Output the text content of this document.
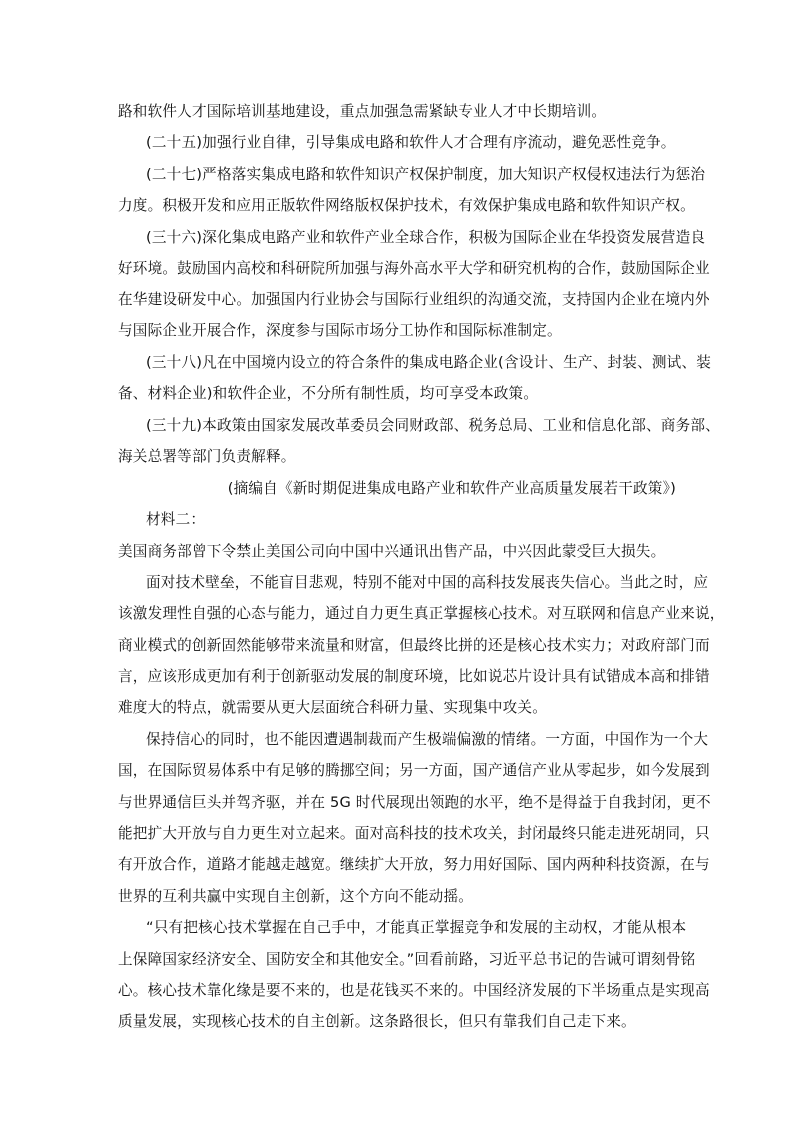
路和软件人才国际培训基地建设，重点加强急需紧缺专业人才中长期培训。
(二十五)加强行业自律，引导集成电路和软件人才合理有序流动，避免恶性竞争。
(二十七)严格落实集成电路和软件知识产权保护制度，加大知识产权侵权违法行为惩治
力度。积极开发和应用正版软件网络版权保护技术，有效保护集成电路和软件知识产权。
(三十六)深化集成电路产业和软件产业全球合作，积极为国际企业在华投资发展营造良
好环境。鼓励国内高校和科研院所加强与海外高水平大学和研究机构的合作，鼓励国际企业
在华建设研发中心。加强国内行业协会与国际行业组织的沟通交流，支持国内企业在境内外
与国际企业开展合作，深度参与国际市场分工协作和国际标准制定。
(三十八)凡在中国境内设立的符合条件的集成电路企业(含设计、生产、封装、测试、装
备、材料企业)和软件企业，不分所有制性质，均可享受本政策。
(三十九)本政策由国家发展改革委员会同财政部、税务总局、工业和信息化部、商务部、
海关总署等部门负责解释。
(摘编自《新时期促进集成电路产业和软件产业高质量发展若干政策》)
材料二：
美国商务部曾下令禁止美国公司向中国中兴通讯出售产品，中兴因此蒙受巨大损失。
面对技术壁垒，不能盲目悲观，特别不能对中国的高科技发展丧失信心。当此之时，应
该激发理性自强的心态与能力，通过自力更生真正掌握核心技术。对互联网和信息产业来说，
商业模式的创新固然能够带来流量和财富，但最终比拼的还是核心技术实力；对政府部门而
言，应该形成更加有利于创新驱动发展的制度环境，比如说芯片设计具有试错成本高和排错
难度大的特点，就需要从更大层面统合科研力量、实现集中攻关。
保持信心的同时，也不能因遭遇制裁而产生极端偏激的情绪。一方面，中国作为一个大
国，在国际贸易体系中有足够的腾挪空间；另一方面，国产通信产业从零起步，如今发展到
与世界通信巨头并驾齐驱，并在 5G 时代展现出领跑的水平，绝不是得益于自我封闭，更不
能把扩大开放与自力更生对立起来。面对高科技的技术攻关，封闭最终只能走进死胡同，只
有开放合作，道路才能越走越宽。继续扩大开放，努力用好国际、国内两种科技资源，在与
世界的互利共赢中实现自主创新，这个方向不能动摇。
“只有把核心技术掌握在自己手中，才能真正掌握竞争和发展的主动权，才能从根本
上保障国家经济安全、国防安全和其他安全。”回看前路，习近平总书记的告诫可谓刻骨铭
心。核心技术靠化缘是要不来的，也是花钱买不来的。中国经济发展的下半场重点是实现高
质量发展，实现核心技术的自主创新。这条路很长，但只有靠我们自己走下来。
